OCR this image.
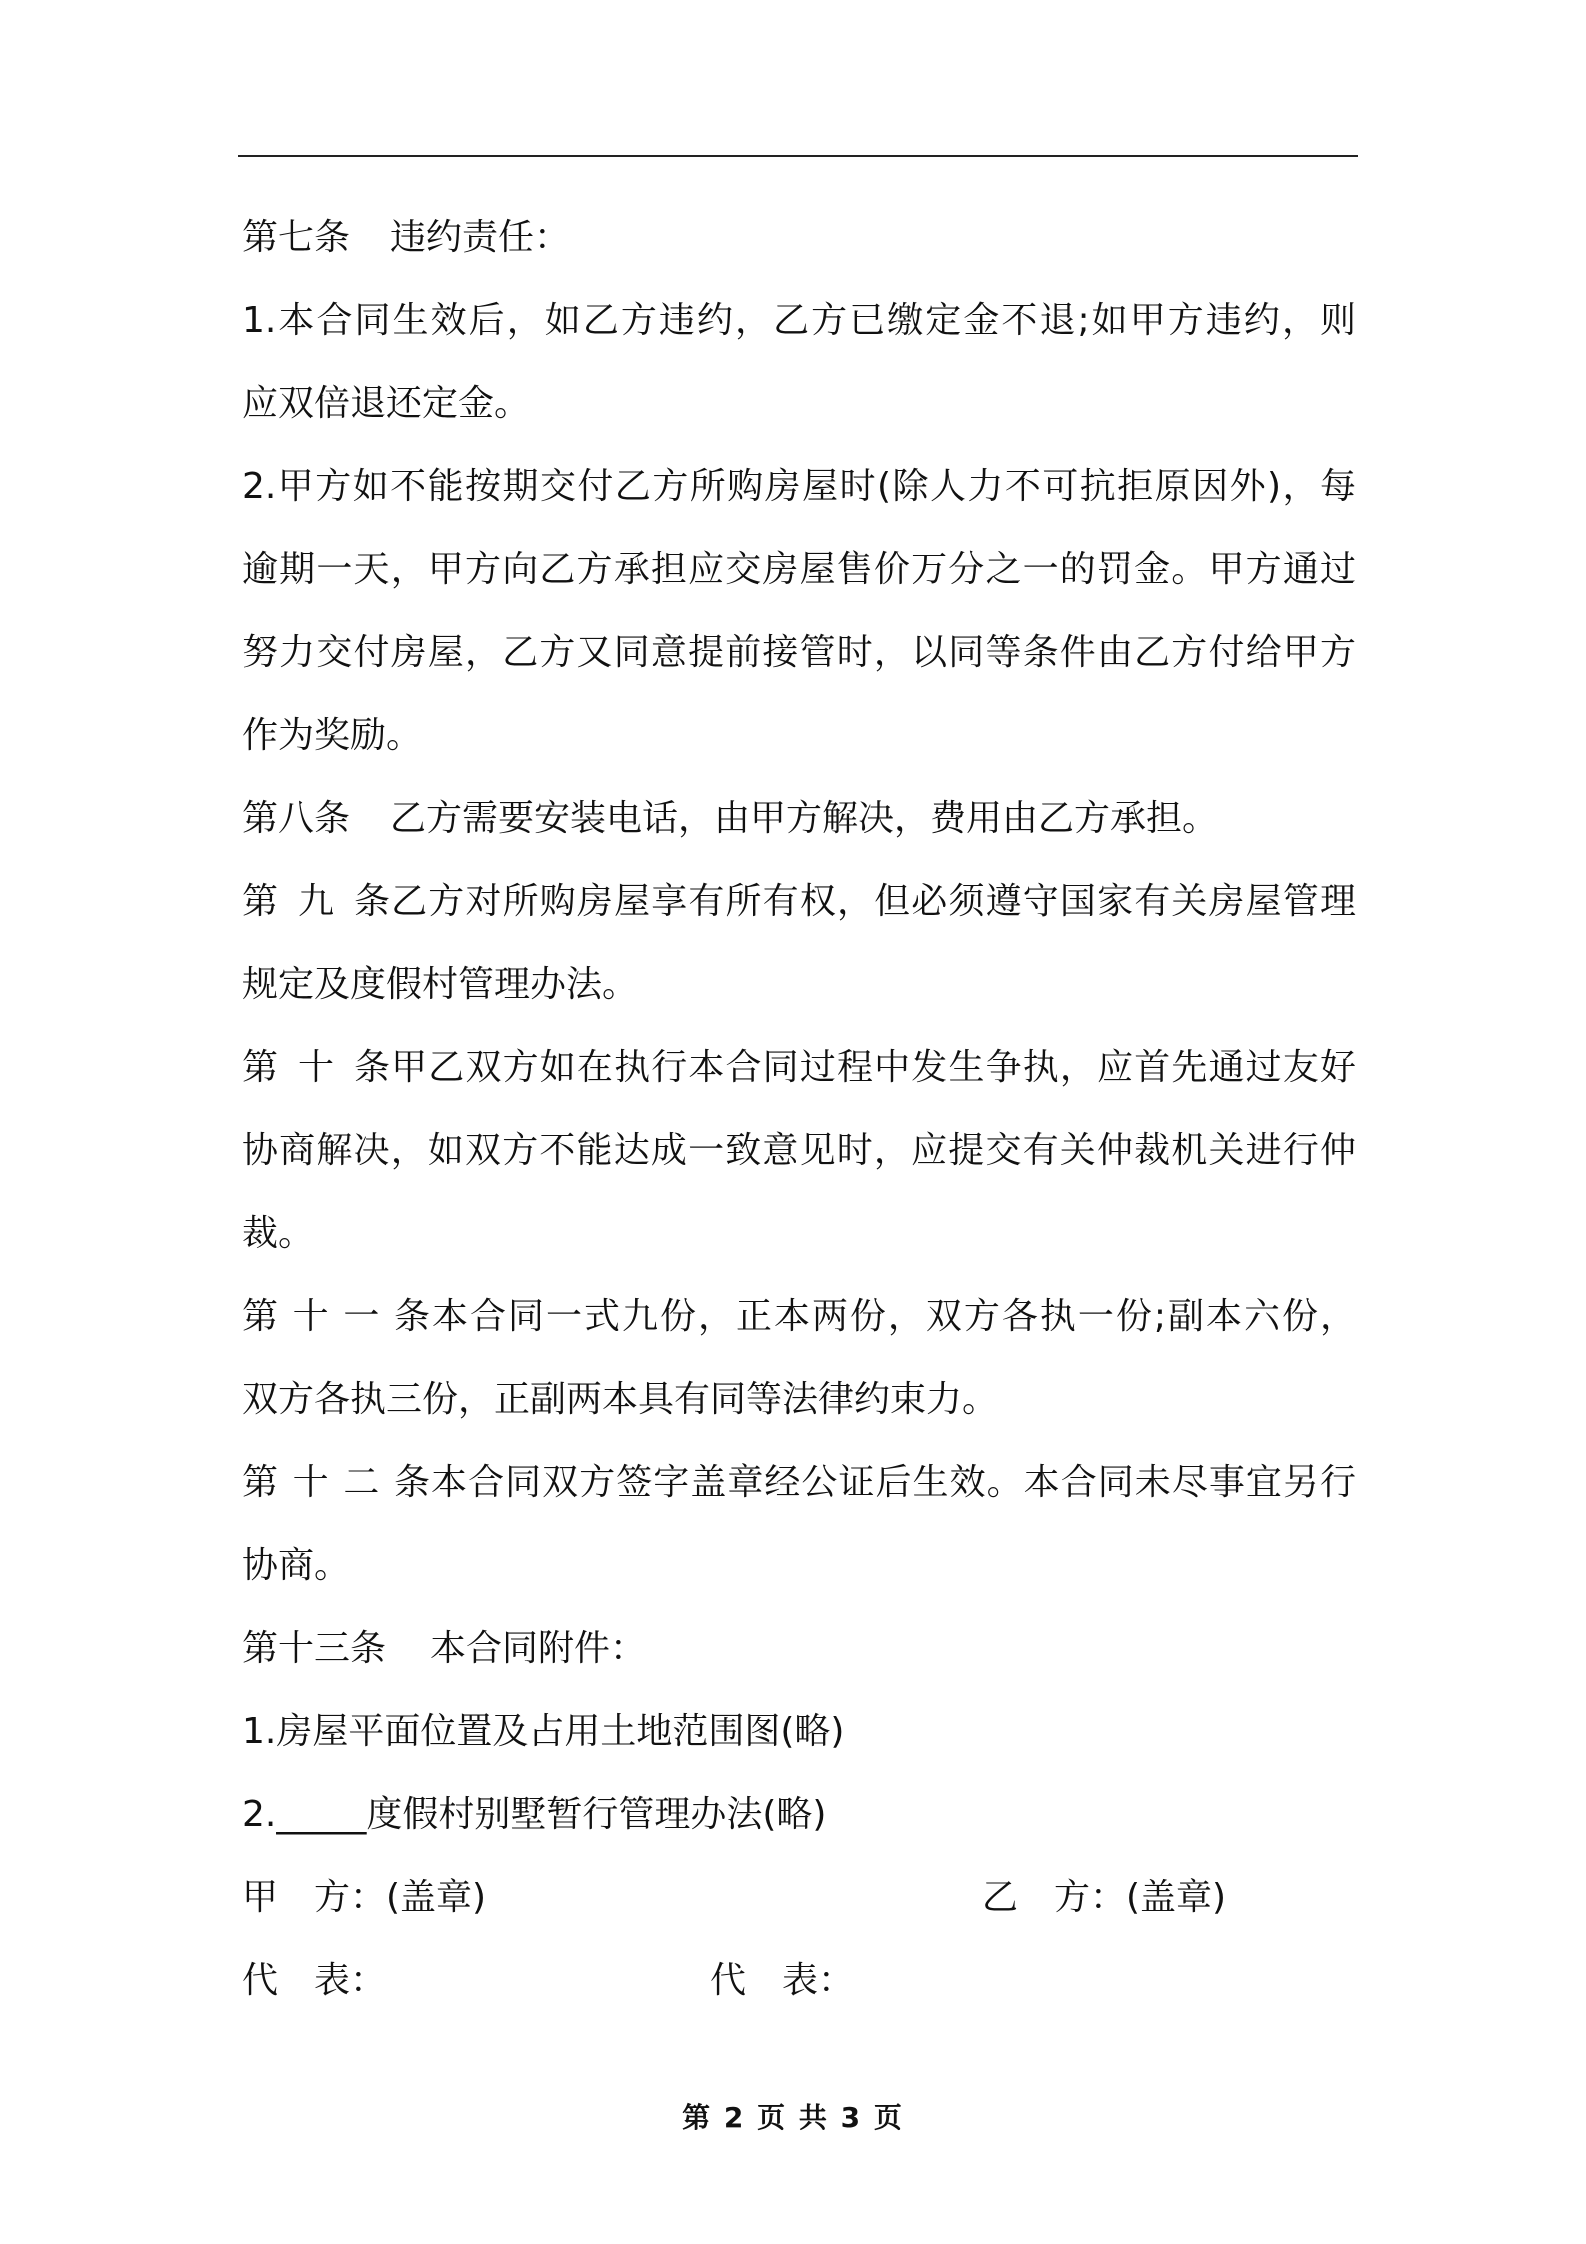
第七条 违约责任：
1.本合同生效后，如乙方违约，乙方已缴定金不退;如甲方违约，则
应双倍退还定金。
2.甲方如不能按期交付乙方所购房屋时(除人力不可抗拒原因外)，每
逾期一天，甲方向乙方承担应交房屋售价万分之一的罚金。甲方通过
努力交付房屋，乙方又同意提前接管时，以同等条件由乙方付给甲方
作为奖励。
第八条 乙方需要安装电话，由甲方解决，费用由乙方承担。
第九条乙方对所购房屋享有所有权，但必须遵守国家有关房屋管理
规定及度假村管理办法。
第十条甲乙双方如在执行本合同过程中发生争执，应首先通过友好
协商解决，如双方不能达成一致意见时，应提交有关仲裁机关进行仲
裁。
第十一条本合同一式九份，正本两份，双方各执一份;副本六份，
双方各执三份，正副两本具有同等法律约束力。
第十二条本合同双方签字盖章经公证后生效。本合同未尽事宜另行
协商。
第十三条 本合同附件：
1.房屋平面位置及占用土地范围图(略)
2._____度假村别墅暂行管理办法(略)
甲　方：(盖章)	乙　方：(盖章)
代　表：	代　表：
第 2 页 共 3 页
